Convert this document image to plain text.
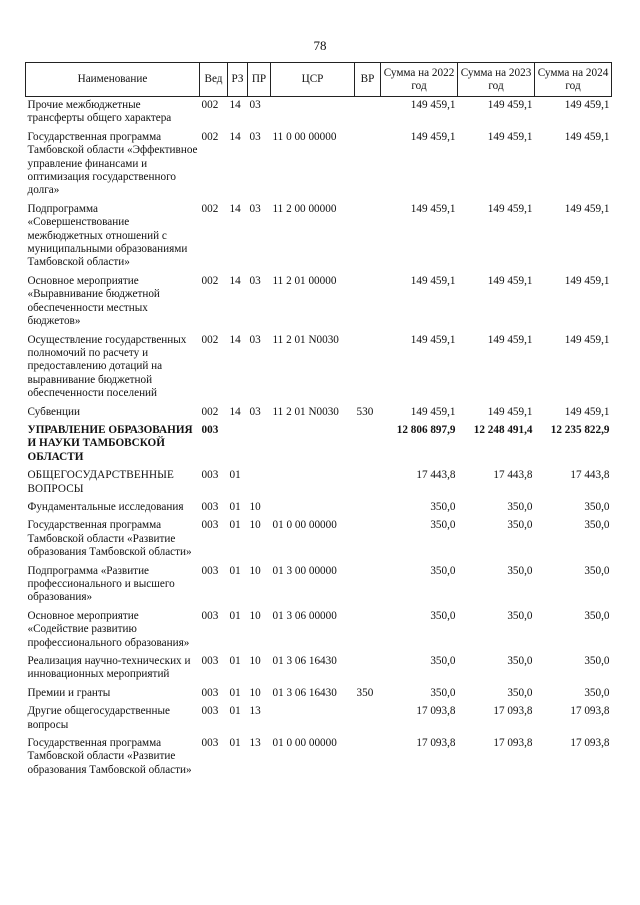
78
Наименование	Вед	РЗ	ПР	ЦСР	ВР	Сумма на 2022 год	Сумма на 2023 год	Сумма на 2024 год
Прочие межбюджетные трансферты общего характера	002	14	03			149 459,1	149 459,1	149 459,1
Государственная программа Тамбовской области «Эффективное управление финансами и оптимизация государственного долга»	002	14	03	11 0 00 00000		149 459,1	149 459,1	149 459,1
Подпрограмма «Совершенствование межбюджетных отношений с муниципальными образованиями Тамбовской области»	002	14	03	11 2 00 00000		149 459,1	149 459,1	149 459,1
Основное мероприятие «Выравнивание бюджетной обеспеченности местных бюджетов»	002	14	03	11 2 01 00000		149 459,1	149 459,1	149 459,1
Осуществление государственных полномочий по расчету и предоставлению дотаций на выравнивание бюджетной обеспеченности поселений	002	14	03	11 2 01 N0030		149 459,1	149 459,1	149 459,1
Субвенции	002	14	03	11 2 01 N0030	530	149 459,1	149 459,1	149 459,1
УПРАВЛЕНИЕ ОБРАЗОВАНИЯ И НАУКИ ТАМБОВСКОЙ ОБЛАСТИ	003					12 806 897,9	12 248 491,4	12 235 822,9
ОБЩЕГОСУДАРСТВЕННЫЕ ВОПРОСЫ	003	01				17 443,8	17 443,8	17 443,8
Фундаментальные исследования	003	01	10			350,0	350,0	350,0
Государственная программа Тамбовской области «Развитие образования Тамбовской области»	003	01	10	01 0 00 00000		350,0	350,0	350,0
Подпрограмма «Развитие профессионального и высшего образования»	003	01	10	01 3 00 00000		350,0	350,0	350,0
Основное мероприятие «Содействие развитию профессионального образования»	003	01	10	01 3 06 00000		350,0	350,0	350,0
Реализация научно-технических и инновационных мероприятий	003	01	10	01 3 06 16430		350,0	350,0	350,0
Премии и гранты	003	01	10	01 3 06 16430	350	350,0	350,0	350,0
Другие общегосударственные вопросы	003	01	13			17 093,8	17 093,8	17 093,8
Государственная программа Тамбовской области «Развитие образования Тамбовской области»	003	01	13	01 0 00 00000		17 093,8	17 093,8	17 093,8
